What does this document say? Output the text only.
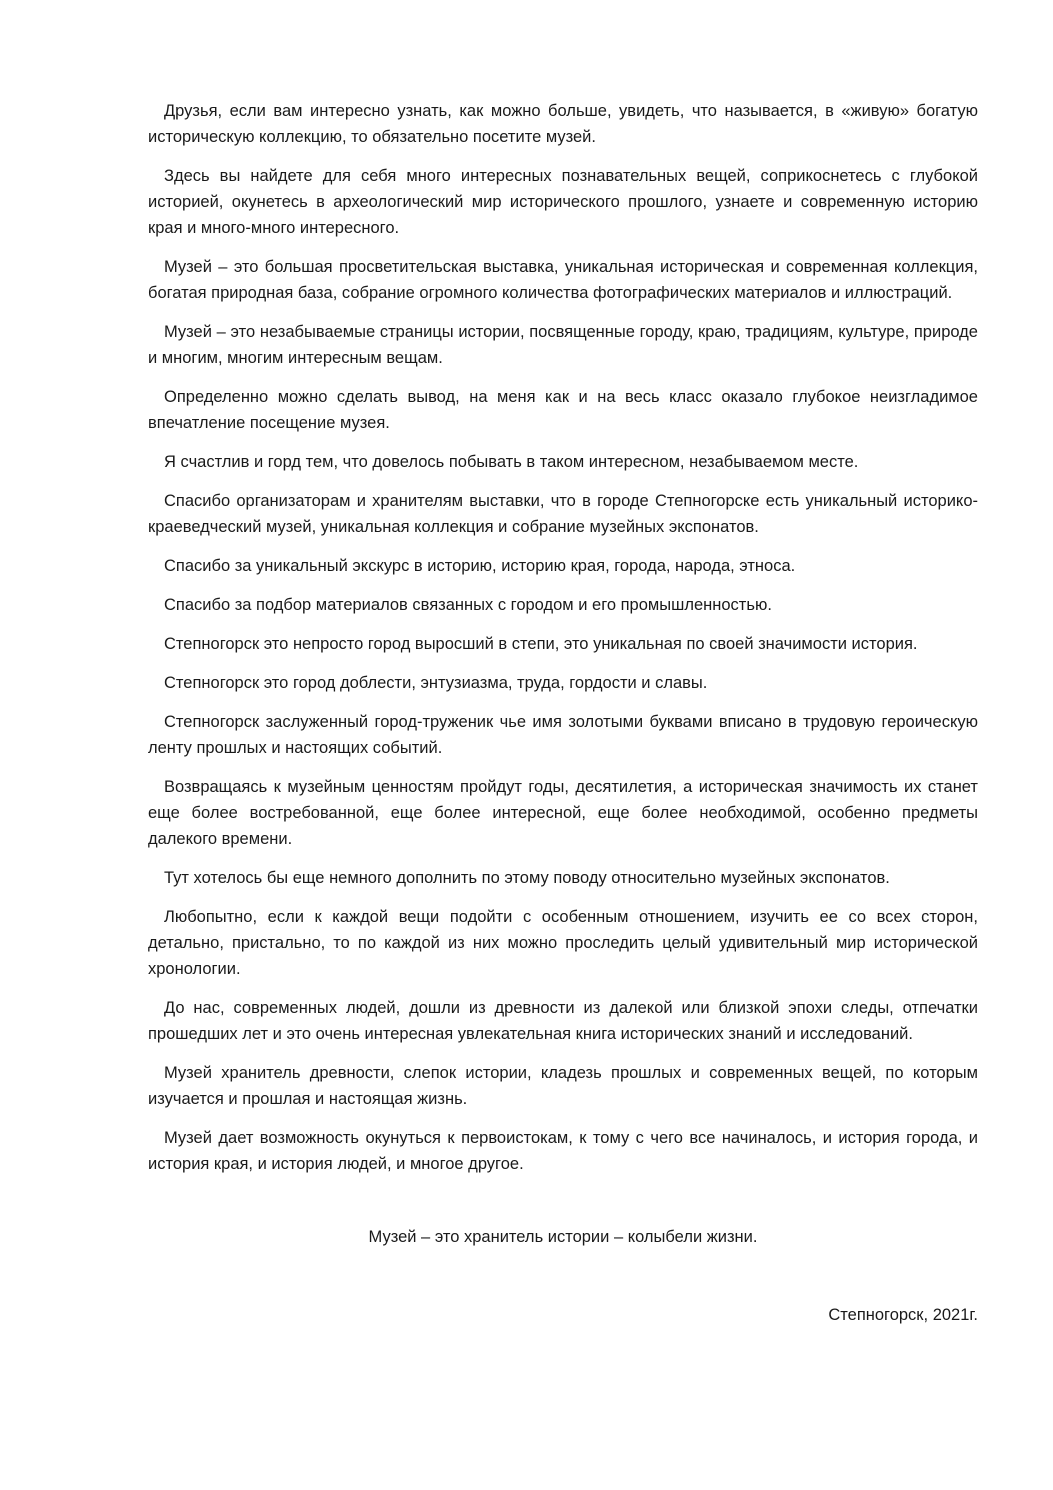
Друзья, если вам интересно узнать, как можно больше, увидеть, что называется, в «живую» богатую историческую коллекцию, то обязательно посетите музей.

Здесь вы найдете для себя много интересных познавательных вещей, соприкоснетесь с глубокой историей, окунетесь в археологический мир исторического прошлого, узнаете и современную историю края и много-много интересного.

Музей – это большая просветительская выставка, уникальная историческая и современная коллекция, богатая природная база, собрание огромного количества фотографических материалов и иллюстраций.

Музей – это незабываемые страницы истории, посвященные городу, краю, традициям, культуре, природе и многим, многим интересным вещам.

Определенно можно сделать вывод, на меня как и на весь класс оказало глубокое неизгладимое впечатление посещение музея.

Я счастлив и горд тем, что довелось побывать в таком интересном, незабываемом месте.

Спасибо организаторам и хранителям выставки, что в городе Степногорске есть уникальный историко-краеведческий музей, уникальная коллекция и собрание музейных экспонатов.

Спасибо за уникальный экскурс в историю, историю края, города, народа, этноса.

Спасибо за подбор материалов связанных с городом и его промышленностью.

Степногорск это непросто город выросший в степи, это уникальная по своей значимости история.

Степногорск это город доблести, энтузиазма, труда, гордости и славы.

Степногорск заслуженный город-труженик чье имя золотыми буквами вписано в трудовую героическую ленту прошлых и настоящих событий.

Возвращаясь к музейным ценностям пройдут годы, десятилетия, а историческая значимость их станет еще более востребованной, еще более интересной, еще более необходимой, особенно предметы далекого времени.

Тут хотелось бы еще немного дополнить по этому поводу относительно музейных экспонатов.

Любопытно, если к каждой вещи подойти с особенным отношением, изучить ее со всех сторон, детально, пристально, то по каждой из них можно проследить целый удивительный мир исторической хронологии.

До нас, современных людей, дошли из древности из далекой или близкой эпохи следы, отпечатки прошедших лет и это очень интересная увлекательная книга исторических знаний и исследований.

Музей хранитель древности, слепок истории, кладезь прошлых и современных вещей, по которым изучается и прошлая и настоящая жизнь.

Музей дает возможность окунуться к первоистокам, к тому с чего все начиналось, и история города, и история края, и история людей, и многое другое.

Музей – это хранитель истории – колыбели жизни.

Степногорск, 2021г.
